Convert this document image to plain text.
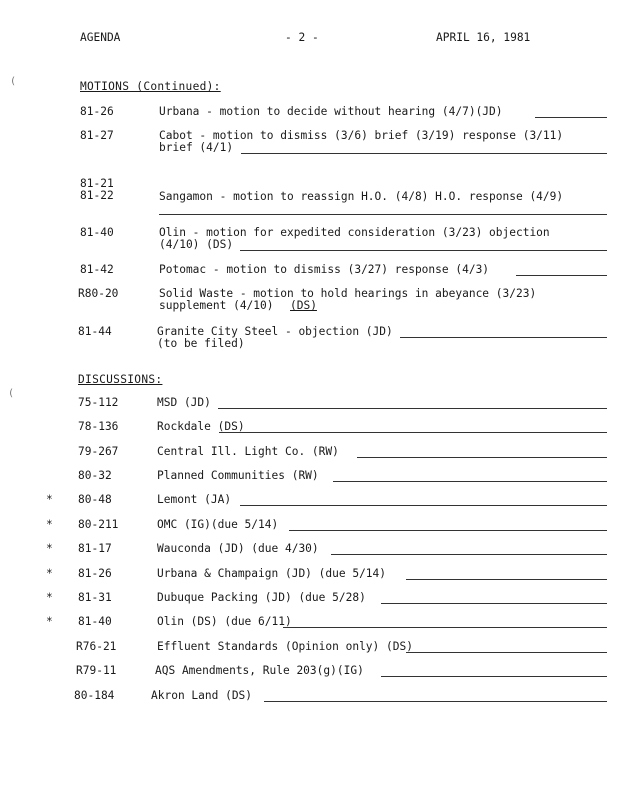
AGENDA	- 2 -	APRIL 16, 1981
(
(
MOTIONS (Continued):
81-26	Urbana - motion to decide without hearing (4/7)(JD)
81-27	Cabot - motion to dismiss (3/6) brief (3/19) response (3/11)
brief (4/1)
81-21
81-22	Sangamon - motion to reassign H.O. (4/8) H.O. response (4/9)
81-40	Olin - motion for expedited consideration (3/23) objection
(4/10) (DS)
81-42	Potomac - motion to dismiss (3/27) response (4/3)
R80-20	Solid Waste - motion to hold hearings in abeyance (3/23)
supplement (4/10) (DS)
81-44	Granite City Steel - objection (JD)
(to be filed)
DISCUSSIONS:
75-112	MSD (JD)
78-136	Rockdale (DS)
79-267	Central Ill. Light Co. (RW)
80-32	Planned Communities (RW)
* 80-48	Lemont (JA)
* 80-211	OMC (IG)(due 5/14)
* 81-17	Wauconda (JD) (due 4/30)
* 81-26	Urbana & Champaign (JD) (due 5/14)
* 81-31	Dubuque Packing (JD) (due 5/28)
* 81-40	Olin (DS) (due 6/11)
R76-21	Effluent Standards (Opinion only) (DS)
R79-11	AQS Amendments, Rule 203(g)(IG)
80-184	Akron Land (DS)
